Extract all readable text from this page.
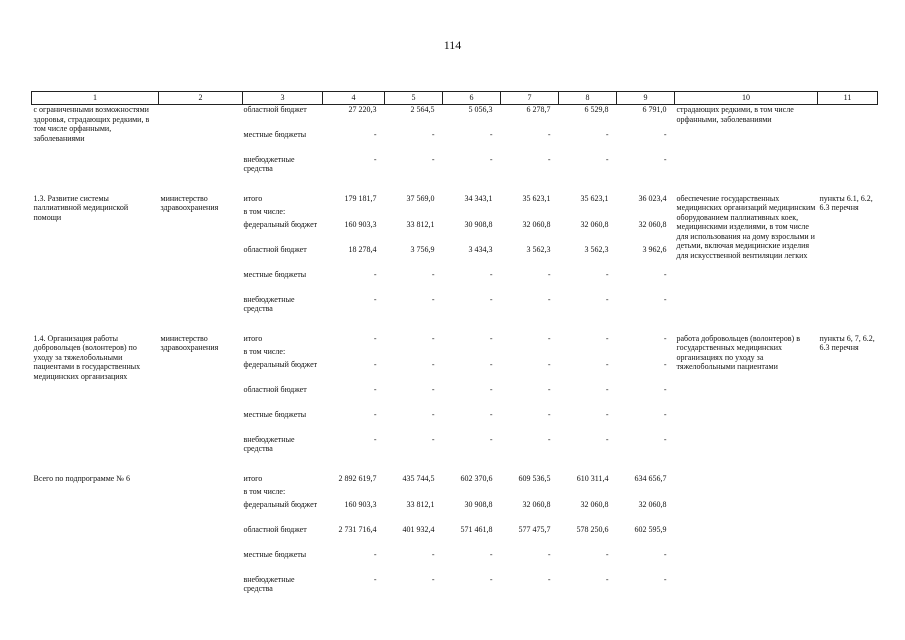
114
1	2	3	4	5	6	7	8	9	10	11
с ограниченными возможностями здоровья, страдающих редкими, в том числе орфанными, заболеваниями		областной бюджет	27 220,3	2 564,5	5 056,3	6 278,7	6 529,8	6 791,0	страдающих редкими, в том числе орфанными, заболеваниями	
		местные бюджеты	-	-	-	-	-	-		
		внебюджетные средства	-	-	-	-	-	-		

1.3. Развитие системы паллиативной медицинской помощи	министерство здравоохранения	итого	179 181,7	37 569,0	34 343,1	35 623,1	35 623,1	36 023,4	обеспечение государственных медицинских организаций медицинским оборудованием паллиативных коек, медицинскими изделиями, в том числе для использования на дому взрослыми и детьми, включая медицинские изделия для искусственной вентиляции легких	пункты 6.1, 6.2, 6.3 перечня
		в том числе:								
		федеральный бюджет	160 903,3	33 812,1	30 908,8	32 060,8	32 060,8	32 060,8		
		областной бюджет	18 278,4	3 756,9	3 434,3	3 562,3	3 562,3	3 962,6		
		местные бюджеты	-	-	-	-	-	-		
		внебюджетные средства	-	-	-	-	-	-		

1.4. Организация работы добровольцев (волонтеров) по уходу за тяжелобольными пациентами в государственных медицинских организациях	министерство здравоохранения	итого	-	-	-	-	-	-	работа добровольцев (волонтеров) в государственных медицинских организациях по уходу за тяжелобольными пациентами	пункты 6, 7, 6.2, 6.3 перечня
		в том числе:								
		федеральный бюджет	-	-	-	-	-	-		
		областной бюджет	-	-	-	-	-	-		
		местные бюджеты	-	-	-	-	-	-		
		внебюджетные средства	-	-	-	-	-	-		

Всего по подпрограмме № 6		итого	2 892 619,7	435 744,5	602 370,6	609 536,5	610 311,4	634 656,7		
		в том числе:								
		федеральный бюджет	160 903,3	33 812,1	30 908,8	32 060,8	32 060,8	32 060,8		
		областной бюджет	2 731 716,4	401 932,4	571 461,8	577 475,7	578 250,6	602 595,9		
		местные бюджеты	-	-	-	-	-	-		
		внебюджетные средства	-	-	-	-	-	-		
